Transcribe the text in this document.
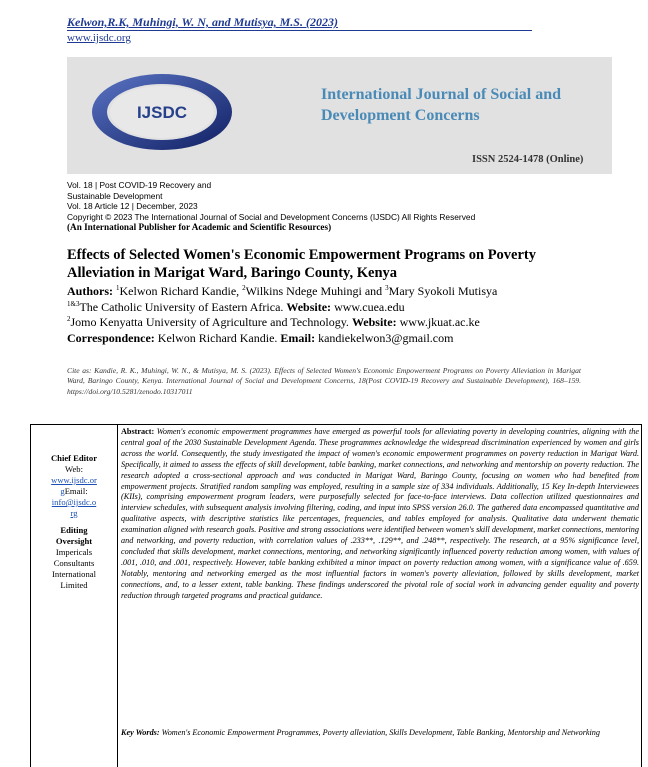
Kelwon,R.K, Muhingi, W. N, and Mutisya, M.S. (2023)
www.ijsdc.org
IJSDC
International Journal of Social and Development Concerns
ISSN 2524-1478 (Online)
Vol. 18 | Post COVID-19 Recovery and
Sustainable Development
Vol. 18 Article 12 | December, 2023
Copyright © 2023 The International Journal of Social and Development Concerns (IJSDC) All Rights Reserved
(An International Publisher for Academic and Scientific Resources)
Effects of Selected Women's Economic Empowerment Programs on Poverty Alleviation in Marigat Ward, Baringo County, Kenya
Authors: $^1$Kelwon Richard Kandie, $^2$Wilkins Ndege Muhingi and $^3$Mary Syokoli Mutisya
$^{1\&3}$The Catholic University of Eastern Africa. Website: www.cuea.edu
$^2$Jomo Kenyatta University of Agriculture and Technology. Website: www.jkuat.ac.ke
Correspondence: Kelwon Richard Kandie. Email: kandiekelwon3@gmail.com
Cite as: Kandie, R. K., Muhingi, W. N., & Mutisya, M. S. (2023). Effects of Selected Women's Economic Empowerment Programs on Poverty Alleviation in Marigat Ward, Baringo County, Kenya. International Journal of Social and Development Concerns, 18(Post COVID-19 Recovery and Sustainable Development), 168–159. https://doi.org/10.5281/zenodo.10317011
Chief Editor
Web:
www.ijsdc.or
gEmail:
info@ijsdc.o
rg
Editing
Oversight
Impericals
Consultants
International
Limited
Abstract: Women's economic empowerment programmes have emerged as powerful tools for alleviating poverty in developing countries, aligning with the central goal of the 2030 Sustainable Development Agenda. These programmes acknowledge the widespread discrimination experienced by women and girls across the world. Consequently, the study investigated the impact of women's economic empowerment programmes on poverty reduction in Marigat Ward. Specifically, it aimed to assess the effects of skill development, table banking, market connections, and networking and mentorship on poverty reduction. The research adopted a cross-sectional approach and was conducted in Marigat Ward, Baringo County, focusing on women who had benefited from empowerment projects. Stratified random sampling was employed, resulting in a sample size of 334 individuals. Additionally, 15 Key In-depth Interviewees (KIIs), comprising empowerment program leaders, were purposefully selected for face-to-face interviews. Data collection utilized questionnaires and interview schedules, with subsequent analysis involving filtering, coding, and input into SPSS version 26.0. The gathered data encompassed quantitative and qualitative aspects, with descriptive statistics like percentages, frequencies, and tables employed for analysis. Qualitative data underwent thematic examination aligned with research goals. Positive and strong associations were identified between women's skill development, market connections, mentoring and networking, and poverty reduction, with correlation values of .233**, .129**, and .248**, respectively. The research, at a 95% significance level, concluded that skills development, market connections, mentoring, and networking significantly influenced poverty reduction among women, with values of .001, .010, and .001, respectively. However, table banking exhibited a minor impact on poverty reduction among women, with a significance value of .659. Notably, mentoring and networking emerged as the most influential factors in women's poverty alleviation, followed by skills development, market connections, and, to a lesser extent, table banking. These findings underscored the pivotal role of social work in advancing gender equality and poverty reduction through targeted programs and practical guidance.
Key Words: Women's Economic Empowerment Programmes, Poverty alleviation, Skills Development, Table Banking, Mentorship and Networking
